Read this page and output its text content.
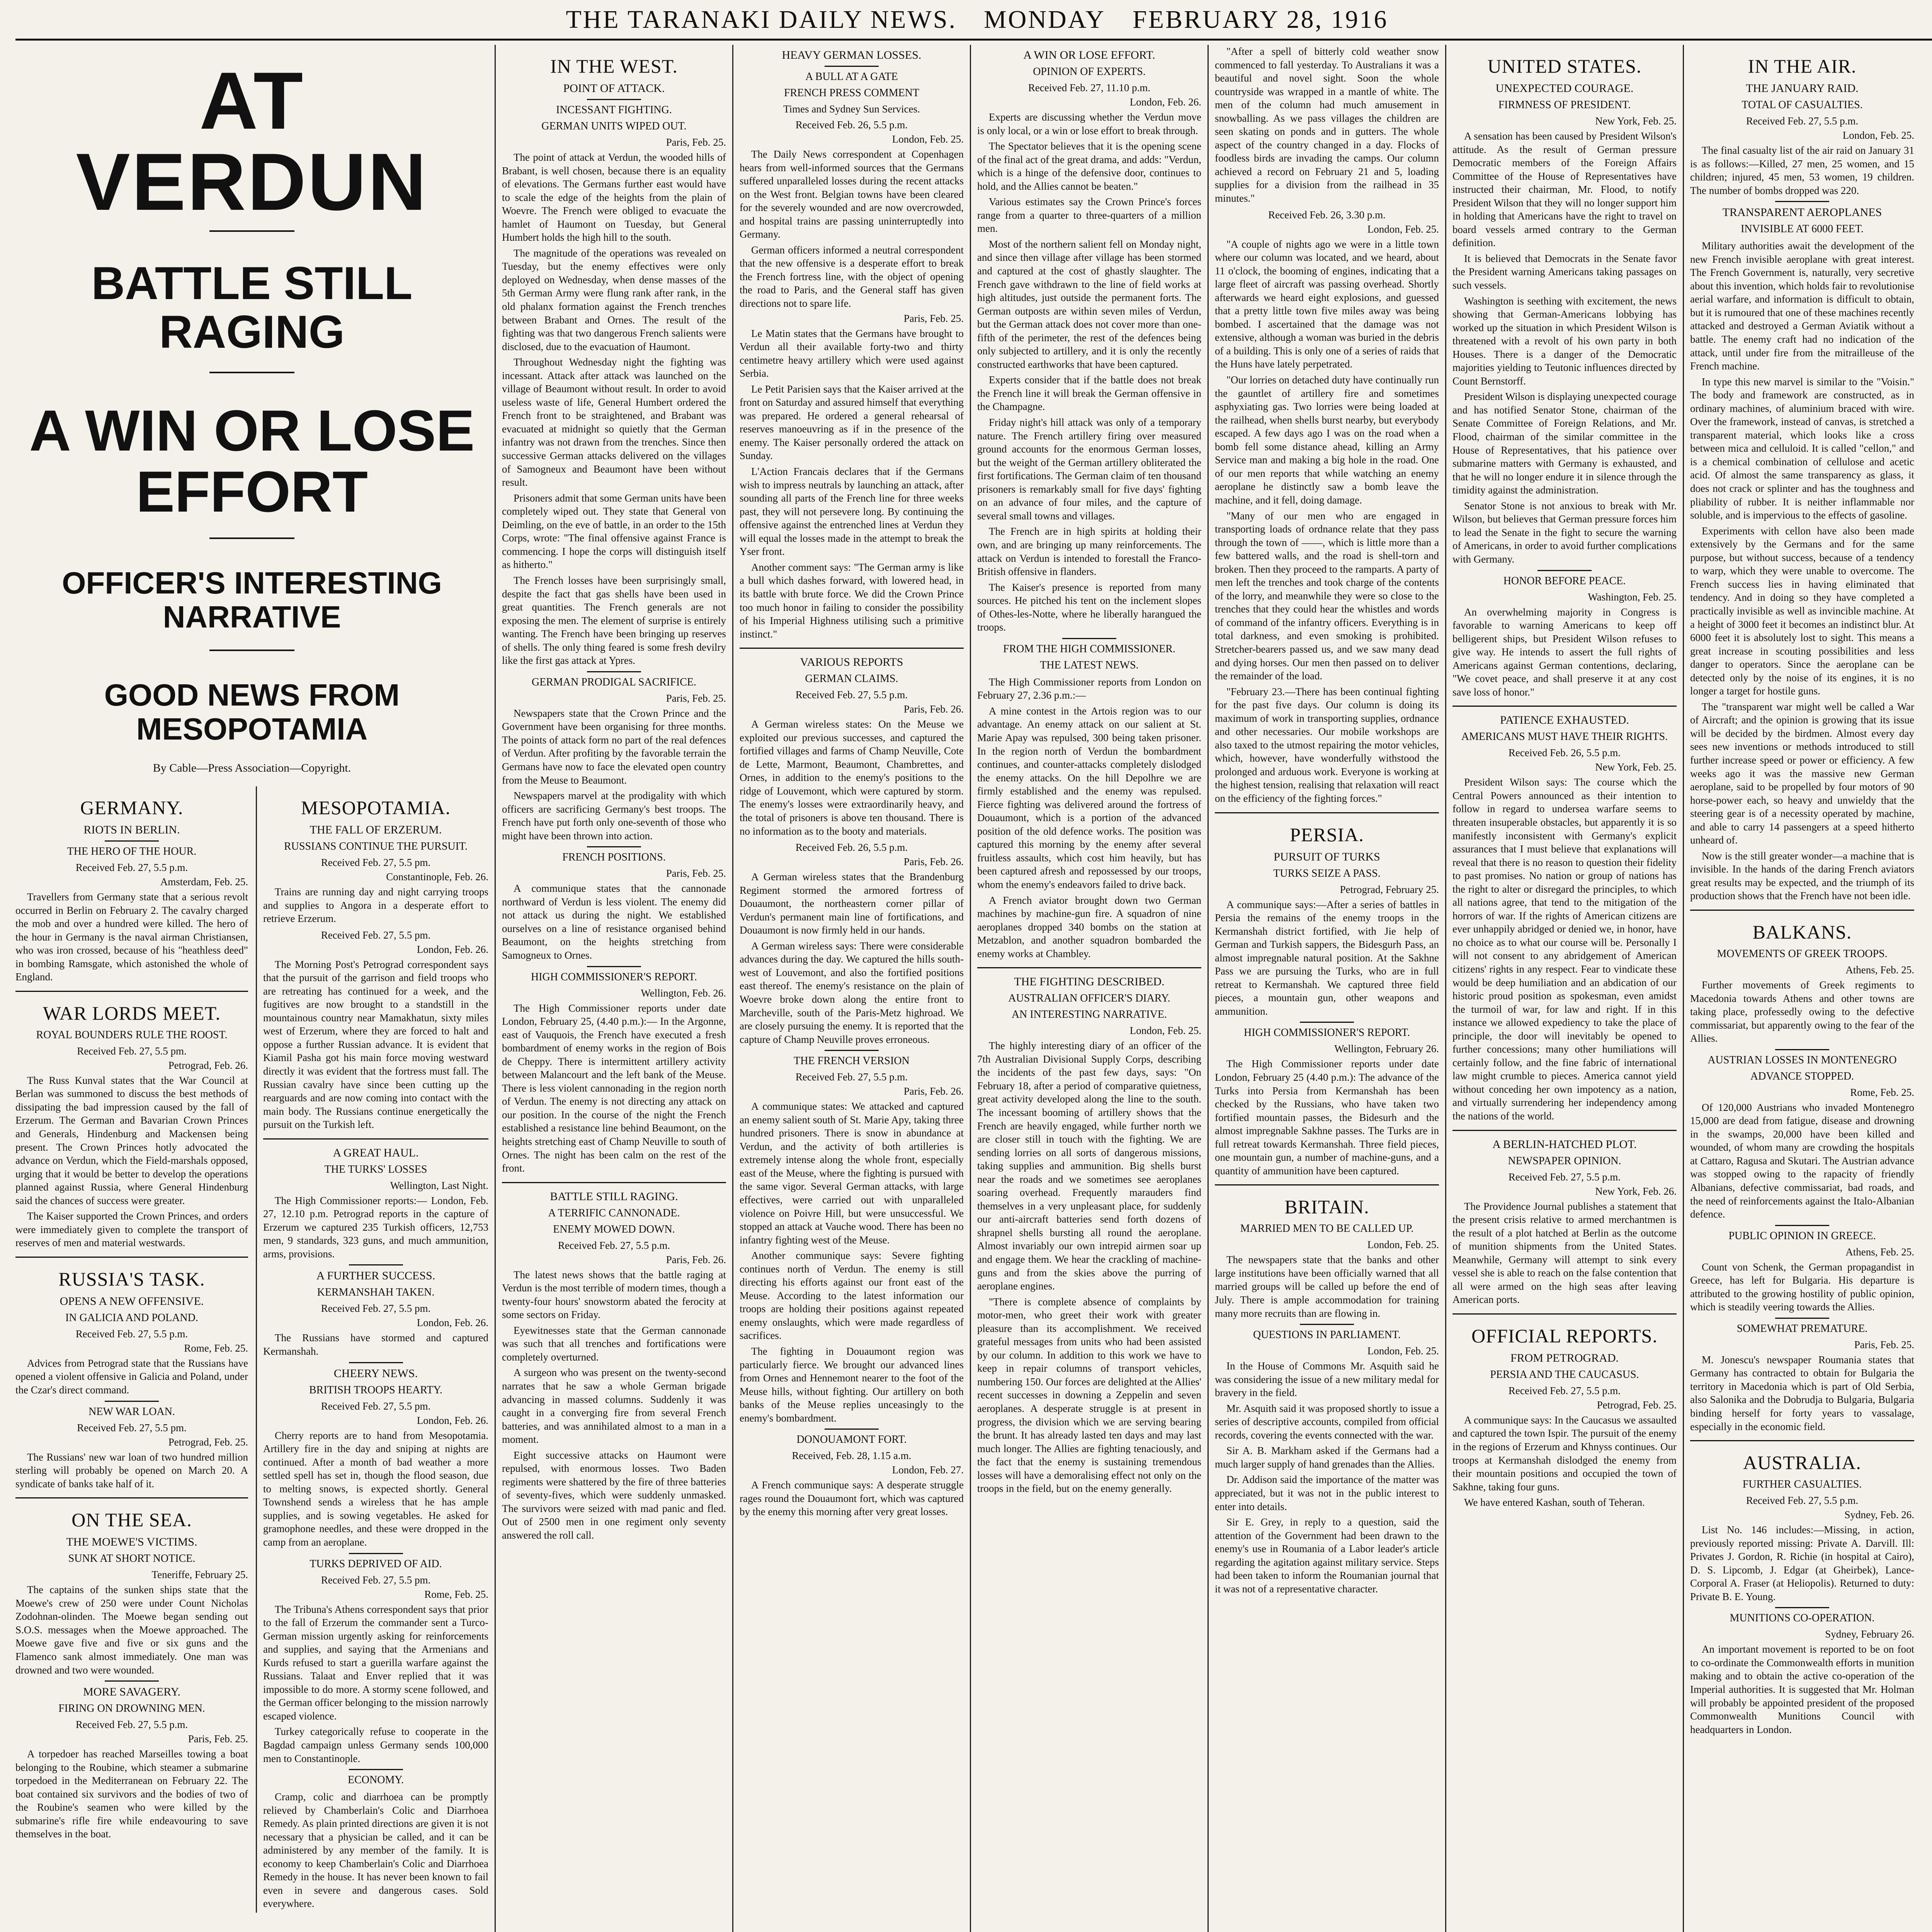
THE TARANAKI DAILY NEWS. MONDAY FEBRUARY 28, 1916
AT VERDUN
BATTLE STILL RAGING
A WIN OR LOSE EFFORT
OFFICER'S INTERESTING NARRATIVE
GOOD NEWS FROM MESOPOTAMIA
By Cable—Press Association—Copyright.
GERMANY.
RIOTS IN BERLIN.
THE HERO OF THE HOUR.
Received Feb. 27, 5.5 p.m.
Amsterdam, Feb. 25.

Travellers from Germany state that a serious revolt occurred in Berlin on February 2. The cavalry charged the mob and over a hundred were killed. The hero of the hour in Germany is the naval airman Christiansen, who was iron crossed, because of his "heathless deed" in bombing Ramsgate, which astonished the whole of England.

WAR LORDS MEET.
ROYAL BOUNDERS RULE THE ROOST.
Received Feb. 27, 5.5 pm.
Petrograd, Feb. 26.

The Russ Kunval states that the War Council at Berlan was summoned to discuss the best methods of dissipating the bad impression caused by the fall of Erzerum. The German and Bavarian Crown Princes and Generals, Hindenburg and Mackensen being present. The Crown Princes hotly advocated the advance on Verdun, which the Field-marshals opposed, urging that it would be better to develop the operations planned against Russia, where General Hindenburg said the chances of success were greater.

The Kaiser supported the Crown Princes, and orders were immediately given to complete the transport of reserves of men and material westwards.

RUSSIA'S TASK.
OPENS A NEW OFFENSIVE.
IN GALICIA AND POLAND.
Received Feb. 27, 5.5 p.m.
Rome, Feb. 25.

Advices from Petrograd state that the Russians have opened a violent offensive in Galicia and Poland, under the Czar's direct command.

NEW WAR LOAN.
Received Feb. 27, 5.5 pm.
Petrograd, Feb. 25.

The Russians' new war loan of two hundred million sterling will probably be opened on March 20. A syndicate of banks take half of it.

ON THE SEA.
THE MOEWE'S VICTIMS.
SUNK AT SHORT NOTICE.
Teneriffe, February 25.

The captains of the sunken ships state that the Moewe's crew of 250 were under Count Nicholas Zodohnan-olinden. The Moewe began sending out S.O.S. messages when the Moewe approached. The Moewe gave five and five or six guns and the Flamenco sank almost immediately. One man was drowned and two were wounded.

MORE SAVAGERY.
FIRING ON DROWNING MEN.
Received Feb. 27, 5.5 p.m.
Paris, Feb. 25.

A torpedoer has reached Marseilles towing a boat belonging to the Roubine, which steamer a submarine torpedoed in the Mediterranean on February 22. The boat contained six survivors and the bodies of two of the Roubine's seamen who were killed by the submarine's rifle fire while endeavouring to save themselves in the boat.

MESOPOTAMIA.
THE FALL OF ERZERUM.
RUSSIANS CONTINUE THE PURSUIT.
Received Feb. 27, 5.5 pm.
Constantinople, Feb. 26.

Trains are running day and night carrying troops and supplies to Angora in a desperate effort to retrieve Erzerum.

Received Feb. 27, 5.5 pm.
London, Feb. 26.

The Morning Post's Petrograd correspondent says that the pursuit of the garrison and field troops who are retreating has continued for a week, and the fugitives are now brought to a standstill in the mountainous country near Mamakhatun, sixty miles west of Erzerum, where they are forced to halt and oppose a further Russian advance. It is evident that Kiamil Pasha got his main force moving westward directly it was evident that the fortress must fall. The Russian cavalry have since been cutting up the rearguards and are now coming into contact with the main body. The Russians continue energetically the pursuit on the Turkish left.

A GREAT HAUL.
THE TURKS' LOSSES
Wellington, Last Night.

The High Commissioner reports:— London, Feb. 27, 12.10 p.m. Petrograd reports in the capture of Erzerum we captured 235 Turkish officers, 12,753 men, 9 standards, 323 guns, and much ammunition, arms, provisions.

A FURTHER SUCCESS.
KERMANSHAH TAKEN.
Received Feb. 27, 5.5 pm.
London, Feb. 26.

The Russians have stormed and captured Kermanshah.

CHEERY NEWS.
BRITISH TROOPS HEARTY.
Received Feb. 27, 5.5 pm.
London, Feb. 26.

Cherry reports are to hand from Mesopotamia. Artillery fire in the day and sniping at nights are continued. After a month of bad weather a more settled spell has set in, though the flood season, due to melting snows, is expected shortly. General Townshend sends a wireless that he has ample supplies, and is sowing vegetables. He asked for gramophone needles, and these were dropped in the camp from an aeroplane.

TURKS DEPRIVED OF AID.
Received Feb. 27, 5.5 pm.
Rome, Feb. 25.

The Tribuna's Athens correspondent says that prior to the fall of Erzerum the commander sent a Turco-German mission urgently asking for reinforcements and supplies, and saying that the Armenians and Kurds refused to start a guerilla warfare against the Russians. Talaat and Enver replied that it was impossible to do more. A stormy scene followed, and the German officer belonging to the mission narrowly escaped violence.

Turkey categorically refuse to cooperate in the Bagdad campaign unless Germany sends 100,000 men to Constantinople.

ECONOMY.

Cramp, colic and diarrhoea can be promptly relieved by Chamberlain's Colic and Diarrhoea Remedy. As plain printed directions are given it is not necessary that a physician be called, and it can be administered by any member of the family. It is economy to keep Chamberlain's Colic and Diarrhoea Remedy in the house. It has never been known to fail even in severe and dangerous cases. Sold everywhere.

IN THE WEST.
POINT OF ATTACK.
INCESSANT FIGHTING.
GERMAN UNITS WIPED OUT.
Paris, Feb. 25.

The point of attack at Verdun, the wooded hills of Brabant, is well chosen, because there is an equality of elevations. The Germans further east would have to scale the edge of the heights from the plain of Woevre. The French were obliged to evacuate the hamlet of Haumont on Tuesday, but General Humbert holds the high hill to the south.

The magnitude of the operations was revealed on Tuesday, but the enemy effectives were only deployed on Wednesday, when dense masses of the 5th German Army were flung rank after rank, in the old phalanx formation against the French trenches between Brabant and Ornes. The result of the fighting was that two dangerous French salients were disclosed, due to the evacuation of Haumont.

Throughout Wednesday night the fighting was incessant. Attack after attack was launched on the village of Beaumont without result. In order to avoid useless waste of life, General Humbert ordered the French front to be straightened, and Brabant was evacuated at midnight so quietly that the German infantry was not drawn from the trenches. Since then successive German attacks delivered on the villages of Samogneux and Beaumont have been without result.

Prisoners admit that some German units have been completely wiped out. They state that General von Deimling, on the eve of battle, in an order to the 15th Corps, wrote: "The final offensive against France is commencing. I hope the corps will distinguish itself as hitherto."

The French losses have been surprisingly small, despite the fact that gas shells have been used in great quantities. The French generals are not exposing the men. The element of surprise is entirely wanting. The French have been bringing up reserves of shells. The only thing feared is some fresh devilry like the first gas attack at Ypres.

GERMAN PRODIGAL SACRIFICE.
Paris, Feb. 25.

Newspapers state that the Crown Prince and the Government have been organising for three months. The points of attack form no part of the real defences of Verdun. After profiting by the favorable terrain the Germans have now to face the elevated open country from the Meuse to Beaumont.

Newspapers marvel at the prodigality with which officers are sacrificing Germany's best troops. The French have put forth only one-seventh of those who might have been thrown into action.

FRENCH POSITIONS.
Paris, Feb. 25.

A communique states that the cannonade northward of Verdun is less violent. The enemy did not attack us during the night. We established ourselves on a line of resistance organised behind Beaumont, on the heights stretching from Samogneux to Ornes.

HIGH COMMISSIONER'S REPORT.
Wellington, Feb. 26.

The High Commissioner reports under date London, February 25, (4.40 p.m.):— In the Argonne, east of Vauquois, the French have executed a fresh bombardment of enemy works in the region of Bois de Cheppy. There is intermittent artillery activity between Malancourt and the left bank of the Meuse. There is less violent cannonading in the region north of Verdun. The enemy is not directing any attack on our position. In the course of the night the French established a resistance line behind Beaumont, on the heights stretching east of Champ Neuville to south of Ornes. The night has been calm on the rest of the front.

BATTLE STILL RAGING.
A TERRIFIC CANNONADE.
ENEMY MOWED DOWN.
Received Feb. 27, 5.5 p.m.
Paris, Feb. 26.

The latest news shows that the battle raging at Verdun is the most terrible of modern times, though a twenty-four hours' snowstorm abated the ferocity at some sectors on Friday.

Eyewitnesses state that the German cannonade was such that all trenches and fortifications were completely overturned.

A surgeon who was present on the twenty-second narrates that he saw a whole German brigade advancing in massed columns. Suddenly it was caught in a converging fire from several French batteries, and was annihilated almost to a man in a moment.

Eight successive attacks on Haumont were repulsed, with enormous losses. Two Baden regiments were shattered by the fire of three batteries of seventy-fives, which were suddenly unmasked. The survivors were seized with mad panic and fled. Out of 2500 men in one regiment only seventy answered the roll call.

HEAVY GERMAN LOSSES.
A BULL AT A GATE
FRENCH PRESS COMMENT
Times and Sydney Sun Services.
Received Feb. 26, 5.5 p.m.
London, Feb. 25.

The Daily News correspondent at Copenhagen hears from well-informed sources that the Germans suffered unparalleled losses during the recent attacks on the West front. Belgian towns have been cleared for the severely wounded and are now overcrowded, and hospital trains are passing uninterruptedly into Germany.

German officers informed a neutral correspondent that the new offensive is a desperate effort to break the French fortress line, with the object of opening the road to Paris, and the General staff has given directions not to spare life.

Paris, Feb. 25.

Le Matin states that the Germans have brought to Verdun all their available forty-two and thirty centimetre heavy artillery which were used against Serbia.

Le Petit Parisien says that the Kaiser arrived at the front on Saturday and assured himself that everything was prepared. He ordered a general rehearsal of reserves manoeuvring as if in the presence of the enemy. The Kaiser personally ordered the attack on Sunday.

L'Action Francais declares that if the Germans wish to impress neutrals by launching an attack, after sounding all parts of the French line for three weeks past, they will not persevere long. By continuing the offensive against the entrenched lines at Verdun they will equal the losses made in the attempt to break the Yser front.

Another comment says: "The German army is like a bull which dashes forward, with lowered head, in its battle with brute force. We did the Crown Prince too much honor in failing to consider the possibility of his Imperial Highness utilising such a primitive instinct."

VARIOUS REPORTS
GERMAN CLAIMS.
Received Feb. 27, 5.5 p.m.
Paris, Feb. 26.

A German wireless states: On the Meuse we exploited our previous successes, and captured the fortified villages and farms of Champ Neuville, Cote de Lette, Marmont, Beaumont, Chambrettes, and Ornes, in addition to the enemy's positions to the ridge of Louvemont, which were captured by storm. The enemy's losses were extraordinarily heavy, and the total of prisoners is above ten thousand. There is no information as to the booty and materials.

Received Feb. 26, 5.5 p.m.
Paris, Feb. 26.

A German wireless states that the Brandenburg Regiment stormed the armored fortress of Douaumont, the northeastern corner pillar of Verdun's permanent main line of fortifications, and Douaumont is now firmly held in our hands.

A German wireless says: There were considerable advances during the day. We captured the hills south-west of Louvemont, and also the fortified positions east thereof. The enemy's resistance on the plain of Woevre broke down along the entire front to Marcheville, south of the Paris-Metz highroad. We are closely pursuing the enemy. It is reported that the capture of Champ Neuville proves erroneous.

THE FRENCH VERSION
Received Feb. 27, 5.5 p.m.
Paris, Feb. 26.

A communique states: We attacked and captured an enemy salient south of St. Marie Apy, taking three hundred prisoners. There is snow in abundance at Verdun, and the activity of both artilleries is extremely intense along the whole front, especially east of the Meuse, where the fighting is pursued with the same vigor. Several German attacks, with large effectives, were carried out with unparalleled violence on Poivre Hill, but were unsuccessful. We stopped an attack at Vauche wood. There has been no infantry fighting west of the Meuse.

Another communique says: Severe fighting continues north of Verdun. The enemy is still directing his efforts against our front east of the Meuse. According to the latest information our troops are holding their positions against repeated enemy onslaughts, which were made regardless of sacrifices.

The fighting in Douaumont region was particularly fierce. We brought our advanced lines from Ornes and Hennemont nearer to the foot of the Meuse hills, without fighting. Our artillery on both banks of the Meuse replies unceasingly to the enemy's bombardment.

DONOUAMONT FORT.
Received, Feb. 28, 1.15 a.m.
London, Feb. 27.

A French communique says: A desperate struggle rages round the Douaumont fort, which was captured by the enemy this morning after very great losses.

A WIN OR LOSE EFFORT.
OPINION OF EXPERTS.
Received Feb. 27, 11.10 p.m.
London, Feb. 26.

Experts are discussing whether the Verdun move is only local, or a win or lose effort to break through.

The Spectator believes that it is the opening scene of the final act of the great drama, and adds: "Verdun, which is a hinge of the defensive door, continues to hold, and the Allies cannot be beaten."

Various estimates say the Crown Prince's forces range from a quarter to three-quarters of a million men.

Most of the northern salient fell on Monday night, and since then village after village has been stormed and captured at the cost of ghastly slaughter. The French gave withdrawn to the line of field works at high altitudes, just outside the permanent forts. The German outposts are within seven miles of Verdun, but the German attack does not cover more than one-fifth of the perimeter, the rest of the defences being only subjected to artillery, and it is only the recently constructed earthworks that have been captured.

Experts consider that if the battle does not break the French line it will break the German offensive in the Champagne.

Friday night's hill attack was only of a temporary nature. The French artillery firing over measured ground accounts for the enormous German losses, but the weight of the German artillery obliterated the first fortifications. The German claim of ten thousand prisoners is remarkably small for five days' fighting on an advance of four miles, and the capture of several small towns and villages.

The French are in high spirits at holding their own, and are bringing up many reinforcements. The attack on Verdun is intended to forestall the Franco-British offensive in flanders.

The Kaiser's presence is reported from many sources. He pitched his tent on the inclement slopes of Othes-les-Notte, where he liberally harangued the troops.

FROM THE HIGH COMMISSIONER.
THE LATEST NEWS.

The High Commissioner reports from London on February 27, 2.36 p.m.:—

A mine contest in the Artois region was to our advantage. An enemy attack on our salient at St. Marie Apay was repulsed, 300 being taken prisoner. In the region north of Verdun the bombardment continues, and counter-attacks completely dislodged the enemy attacks. On the hill Depolhre we are firmly established and the enemy was repulsed. Fierce fighting was delivered around the fortress of Douaumont, which is a portion of the advanced position of the old defence works. The position was captured this morning by the enemy after several fruitless assaults, which cost him heavily, but has been captured afresh and repossessed by our troops, whom the enemy's endeavors failed to drive back.

A French aviator brought down two German machines by machine-gun fire. A squadron of nine aeroplanes dropped 340 bombs on the station at Metzablon, and another squadron bombarded the enemy works at Chambley.

THE FIGHTING DESCRIBED.
AUSTRALIAN OFFICER'S DIARY.
AN INTERESTING NARRATIVE.
London, Feb. 25.

The highly interesting diary of an officer of the 7th Australian Divisional Supply Corps, describing the incidents of the past few days, says: "On February 18, after a period of comparative quietness, great activity developed along the line to the south. The incessant booming of artillery shows that the French are heavily engaged, while further north we are closer still in touch with the fighting. We are sending lorries on all sorts of dangerous missions, taking supplies and ammunition. Big shells burst near the roads and we sometimes see aeroplanes soaring overhead. Frequently marauders find themselves in a very unpleasant place, for suddenly our anti-aircraft batteries send forth dozens of shrapnel shells bursting all round the aeroplane. Almost invariably our own intrepid airmen soar up and engage them. We hear the crackling of machine-guns and from the skies above the purring of aeroplane engines.

"There is complete absence of complaints by motor-men, who greet their work with greater pleasure than its accomplishment. We received grateful messages from units who had been assisted by our column. In addition to this work we have to keep in repair columns of transport vehicles, numbering 150. Our forces are delighted at the Allies' recent successes in downing a Zeppelin and seven aeroplanes. A desperate struggle is at present in progress, the division which we are serving bearing the brunt. It has already lasted ten days and may last much longer. The Allies are fighting tenaciously, and the fact that the enemy is sustaining tremendous losses will have a demoralising effect not only on the troops in the field, but on the enemy generally.

"After a spell of bitterly cold weather snow commenced to fall yesterday. To Australians it was a beautiful and novel sight. Soon the whole countryside was wrapped in a mantle of white. The men of the column had much amusement in snowballing. As we pass villages the children are seen skating on ponds and in gutters. The whole aspect of the country changed in a day. Flocks of foodless birds are invading the camps. Our column achieved a record on February 21 and 5, loading supplies for a division from the railhead in 35 minutes."

Received Feb. 26, 3.30 p.m.
London, Feb. 25.

"A couple of nights ago we were in a little town where our column was located, and we heard, about 11 o'clock, the booming of engines, indicating that a large fleet of aircraft was passing overhead. Shortly afterwards we heard eight explosions, and guessed that a pretty little town five miles away was being bombed. I ascertained that the damage was not extensive, although a woman was buried in the debris of a building. This is only one of a series of raids that the Huns have lately perpetrated.

"Our lorries on detached duty have continually run the gauntlet of artillery fire and sometimes asphyxiating gas. Two lorries were being loaded at the railhead, when shells burst nearby, but everybody escaped. A few days ago I was on the road when a bomb fell some distance ahead, killing an Army Service man and making a big hole in the road. One of our men reports that while watching an enemy aeroplane he distinctly saw a bomb leave the machine, and it fell, doing damage.

"Many of our men who are engaged in transporting loads of ordnance relate that they pass through the town of ——, which is little more than a few battered walls, and the road is shell-torn and broken. Then they proceed to the ramparts. A party of men left the trenches and took charge of the contents of the lorry, and meanwhile they were so close to the trenches that they could hear the whistles and words of command of the infantry officers. Everything is in total darkness, and even smoking is prohibited. Stretcher-bearers passed us, and we saw many dead and dying horses. Our men then passed on to deliver the remainder of the load.

"February 23.—There has been continual fighting for the past five days. Our column is doing its maximum of work in transporting supplies, ordnance and other necessaries. Our mobile workshops are also taxed to the utmost repairing the motor vehicles, which, however, have wonderfully withstood the prolonged and arduous work. Everyone is working at the highest tension, realising that relaxation will react on the efficiency of the fighting forces."

PERSIA.
PURSUIT OF TURKS
TURKS SEIZE A PASS.
Petrograd, February 25.

A communique says:—After a series of battles in Persia the remains of the enemy troops in the Kermanshah district fortified, with Jie help of German and Turkish sappers, the Bidesgurh Pass, an almost impregnable natural position. At the Sakhne Pass we are pursuing the Turks, who are in full retreat to Kermanshah. We captured three field pieces, a mountain gun, other weapons and ammunition.

HIGH COMMISSIONER'S REPORT.
Wellington, February 26.

The High Commissioner reports under date London, February 25 (4.40 p.m.): The advance of the Turks into Persia from Kermanshah has been checked by the Russians, who have taken two fortified mountain passes, the Bidesurh and the almost impregnable Sakhne passes. The Turks are in full retreat towards Kermanshah. Three field pieces, one mountain gun, a number of machine-guns, and a quantity of ammunition have been captured.

BRITAIN.
MARRIED MEN TO BE CALLED UP.
London, Feb. 25.

The newspapers state that the banks and other large institutions have been officially warned that all married groups will be called up before the end of July. There is ample accommodation for training many more recruits than are flowing in.

QUESTIONS IN PARLIAMENT.
London, Feb. 25.

In the House of Commons Mr. Asquith said he was considering the issue of a new military medal for bravery in the field.

Mr. Asquith said it was proposed shortly to issue a series of descriptive accounts, compiled from official records, covering the events connected with the war.

Sir A. B. Markham asked if the Germans had a much larger supply of hand grenades than the Allies.

Dr. Addison said the importance of the matter was appreciated, but it was not in the public interest to enter into details.

Sir E. Grey, in reply to a question, said the attention of the Government had been drawn to the enemy's use in Roumania of a Labor leader's article regarding the agitation against military service. Steps had been taken to inform the Roumanian journal that it was not of a representative character.

UNITED STATES.
UNEXPECTED COURAGE.
FIRMNESS OF PRESIDENT.
New York, Feb. 25.

A sensation has been caused by President Wilson's attitude. As the result of German pressure Democratic members of the Foreign Affairs Committee of the House of Representatives have instructed their chairman, Mr. Flood, to notify President Wilson that they will no longer support him in holding that Americans have the right to travel on board vessels armed contrary to the German definition.

It is believed that Democrats in the Senate favor the President warning Americans taking passages on such vessels.

Washington is seething with excitement, the news showing that German-Americans lobbying has worked up the situation in which President Wilson is threatened with a revolt of his own party in both Houses. There is a danger of the Democratic majorities yielding to Teutonic influences directed by Count Bernstorff.

President Wilson is displaying unexpected courage and has notified Senator Stone, chairman of the Senate Committee of Foreign Relations, and Mr. Flood, chairman of the similar committee in the House of Representatives, that his patience over submarine matters with Germany is exhausted, and that he will no longer endure it in silence through the timidity against the administration.

Senator Stone is not anxious to break with Mr. Wilson, but believes that German pressure forces him to lead the Senate in the fight to secure the warning of Americans, in order to avoid further complications with Germany.

HONOR BEFORE PEACE.
Washington, Feb. 25.

An overwhelming majority in Congress is favorable to warning Americans to keep off belligerent ships, but President Wilson refuses to give way. He intends to assert the full rights of Americans against German contentions, declaring, "We covet peace, and shall preserve it at any cost save loss of honor."

PATIENCE EXHAUSTED.
AMERICANS MUST HAVE THEIR RIGHTS.
Received Feb. 26, 5.5 p.m.
New York, Feb. 25.

President Wilson says: The course which the Central Powers announced as their intention to follow in regard to undersea warfare seems to threaten insuperable obstacles, but apparently it is so manifestly inconsistent with Germany's explicit assurances that I must believe that explanations will reveal that there is no reason to question their fidelity to past promises. No nation or group of nations has the right to alter or disregard the principles, to which all nations agree, that tend to the mitigation of the horrors of war. If the rights of American citizens are ever unhappily abridged or denied we, in honor, have no choice as to what our course will be. Personally I will not consent to any abridgement of American citizens' rights in any respect. Fear to vindicate these would be deep humiliation and an abdication of our historic proud position as spokesman, even amidst the turmoil of war, for law and right. If in this instance we allowed expediency to take the place of principle, the door will inevitably be opened to further concessions; many other humiliations will certainly follow, and the fine fabric of international law might crumble to pieces. America cannot yield without conceding her own impotency as a nation, and virtually surrendering her independency among the nations of the world.

A BERLIN-HATCHED PLOT.
NEWSPAPER OPINION.
Received Feb. 27, 5.5 p.m.
New York, Feb. 26.

The Providence Journal publishes a statement that the present crisis relative to armed merchantmen is the result of a plot hatched at Berlin as the outcome of munition shipments from the United States. Meanwhile, Germany will attempt to sink every vessel she is able to reach on the false contention that all were armed on the high seas after leaving American ports.

OFFICIAL REPORTS.
FROM PETROGRAD.
PERSIA AND THE CAUCASUS.
Received Feb. 27, 5.5 p.m.
Petrograd, Feb. 25.

A communique says: In the Caucasus we assaulted and captured the town Ispir. The pursuit of the enemy in the regions of Erzerum and Khnyss continues. Our troops at Kermanshah dislodged the enemy from their mountain positions and occupied the town of Sakhne, taking four guns.

We have entered Kashan, south of Teheran.

IN THE AIR.
THE JANUARY RAID.
TOTAL OF CASUALTIES.
Received Feb. 27, 5.5 p.m.
London, Feb. 25.

The final casualty list of the air raid on January 31 is as follows:—Killed, 27 men, 25 women, and 15 children; injured, 45 men, 53 women, 19 children. The number of bombs dropped was 220.

TRANSPARENT AEROPLANES
INVISIBLE AT 6000 FEET.

Military authorities await the development of the new French invisible aeroplane with great interest. The French Government is, naturally, very secretive about this invention, which holds fair to revolutionise aerial warfare, and information is difficult to obtain, but it is rumoured that one of these machines recently attacked and destroyed a German Aviatik without a battle. The enemy craft had no indication of the attack, until under fire from the mitrailleuse of the French machine.

In type this new marvel is similar to the "Voisin." The body and framework are constructed, as in ordinary machines, of aluminium braced with wire. Over the framework, instead of canvas, is stretched a transparent material, which looks like a cross between mica and celluloid. It is called "cellon," and is a chemical combination of cellulose and acetic acid. Of almost the same transparency as glass, it does not crack or splinter and has the toughness and pliability of rubber. It is neither inflammable nor soluble, and is impervious to the effects of gasoline.

Experiments with cellon have also been made extensively by the Germans and for the same purpose, but without success, because of a tendency to warp, which they were unable to overcome. The French success lies in having eliminated that tendency. And in doing so they have completed a practically invisible as well as invincible machine. At a height of 3000 feet it becomes an indistinct blur. At 6000 feet it is absolutely lost to sight. This means a great increase in scouting possibilities and less danger to operators. Since the aeroplane can be detected only by the noise of its engines, it is no longer a target for hostile guns.

The "transparent war might well be called a War of Aircraft; and the opinion is growing that its issue will be decided by the birdmen. Almost every day sees new inventions or methods introduced to still further increase speed or power or efficiency. A few weeks ago it was the massive new German aeroplane, said to be propelled by four motors of 90 horse-power each, so heavy and unwieldy that the steering gear is of a necessity operated by machine, and able to carry 14 passengers at a speed hitherto unheard of.

Now is the still greater wonder—a machine that is invisible. In the hands of the daring French aviators great results may be expected, and the triumph of its production shows that the French have not been idle.

BALKANS.
MOVEMENTS OF GREEK TROOPS.
Athens, Feb. 25.

Further movements of Greek regiments to Macedonia towards Athens and other towns are taking place, professedly owing to the defective commissariat, but apparently owing to the fear of the Allies.

AUSTRIAN LOSSES IN MONTENEGRO
ADVANCE STOPPED.
Rome, Feb. 25.

Of 120,000 Austrians who invaded Montenegro 15,000 are dead from fatigue, disease and drowning in the swamps, 20,000 have been killed and wounded, of whom many are crowding the hospitals at Cattaro, Ragusa and Skutari. The Austrian advance was stopped owing to the rapacity of friendly Albanians, defective commissariat, bad roads, and the need of reinforcements against the Italo-Albanian defence.

PUBLIC OPINION IN GREECE.
Athens, Feb. 25.

Count von Schenk, the German propagandist in Greece, has left for Bulgaria. His departure is attributed to the growing hostility of public opinion, which is steadily veering towards the Allies.

SOMEWHAT PREMATURE.
Paris, Feb. 25.

M. Jonescu's newspaper Roumania states that Germany has contracted to obtain for Bulgaria the territory in Macedonia which is part of Old Serbia, also Salonika and the Dobrudja to Bulgaria, Bulgaria binding herself for forty years to vassalage, especially in the economic field.

AUSTRALIA.
FURTHER CASUALTIES.
Received Feb. 27, 5.5 p.m.
Sydney, Feb. 26.

List No. 146 includes:—Missing, in action, previously reported missing: Private A. Darvill. Ill: Privates J. Gordon, R. Richie (in hospital at Cairo), D. S. Lipcomb, J. Edgar (at Gheirbek), Lance-Corporal A. Fraser (at Heliopolis). Returned to duty: Private B. E. Young.

MUNITIONS CO-OPERATION.
Sydney, February 26.

An important movement is reported to be on foot to co-ordinate the Commonwealth efforts in munition making and to obtain the active co-operation of the Imperial authorities. It is suggested that Mr. Holman will probably be appointed president of the proposed Commonwealth Munitions Council with headquarters in London.
